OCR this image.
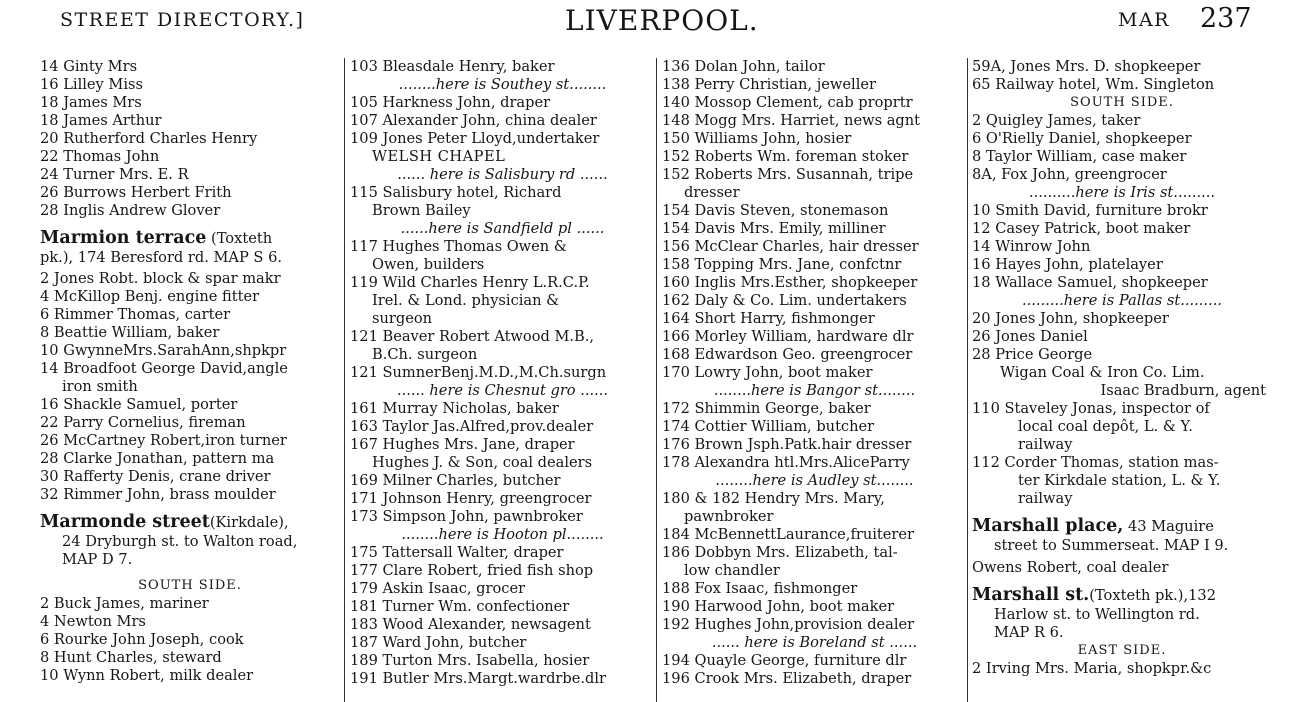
STREET DIRECTORY.]	LIVERPOOL.	MAR 237
14 Ginty Mrs
16 Lilley Miss
18 James Mrs
18 James Arthur
20 Rutherford Charles Henry
22 Thomas John
24 Turner Mrs. E. R
26 Burrows Herbert Frith
28 Inglis Andrew Glover
Marmion terrace (Toxteth
pk.), 174 Beresford rd. MAP S 6.
2 Jones Robt. block & spar makr
4 McKillop Benj. engine fitter
6 Rimmer Thomas, carter
8 Beattie William, baker
10 GwynneMrs.SarahAnn,shpkpr
14 Broadfoot George David,angle
iron smith
16 Shackle Samuel, porter
22 Parry Cornelius, fireman
26 McCartney Robert,iron turner
28 Clarke Jonathan, pattern ma
30 Rafferty Denis, crane driver
32 Rimmer John, brass moulder
Marmonde street(Kirkdale),
24 Dryburgh st. to Walton road,
MAP D 7.
SOUTH SIDE.
2 Buck James, mariner
4 Newton Mrs
6 Rourke John Joseph, cook
8 Hunt Charles, steward
10 Wynn Robert, milk dealer
103 Bleasdale Henry, baker
........here is Southey st........
105 Harkness John, draper
107 Alexander John, china dealer
109 Jones Peter Lloyd,undertaker
WELSH CHAPEL
...... here is Salisbury rd ......
115 Salisbury hotel, Richard
Brown Bailey
......here is Sandfield pl ......
117 Hughes Thomas Owen &
Owen, builders
119 Wild Charles Henry L.R.C.P.
Irel. & Lond. physician &
surgeon
121 Beaver Robert Atwood M.B.,
B.Ch. surgeon
121 SumnerBenj.M.D.,M.Ch.surgn
...... here is Chesnut gro ......
161 Murray Nicholas, baker
163 Taylor Jas.Alfred,prov.dealer
167 Hughes Mrs. Jane, draper
Hughes J. & Son, coal dealers
169 Milner Charles, butcher
171 Johnson Henry, greengrocer
173 Simpson John, pawnbroker
........here is Hooton pl........
175 Tattersall Walter, draper
177 Clare Robert, fried fish shop
179 Askin Isaac, grocer
181 Turner Wm. confectioner
183 Wood Alexander, newsagent
187 Ward John, butcher
189 Turton Mrs. Isabella, hosier
191 Butler Mrs.Margt.wardrbe.dlr
136 Dolan John, tailor
138 Perry Christian, jeweller
140 Mossop Clement, cab proprtr
148 Mogg Mrs. Harriet, news agnt
150 Williams John, hosier
152 Roberts Wm. foreman stoker
152 Roberts Mrs. Susannah, tripe
dresser
154 Davis Steven, stonemason
154 Davis Mrs. Emily, milliner
156 McClear Charles, hair dresser
158 Topping Mrs. Jane, confctnr
160 Inglis Mrs.Esther, shopkeeper
162 Daly & Co. Lim. undertakers
164 Short Harry, fishmonger
166 Morley William, hardware dlr
168 Edwardson Geo. greengrocer
170 Lowry John, boot maker
........here is Bangor st........
172 Shimmin George, baker
174 Cottier William, butcher
176 Brown Jsph.Patk.hair dresser
178 Alexandra htl.Mrs.AliceParry
........here is Audley st........
180 & 182 Hendry Mrs. Mary,
pawnbroker
184 McBennettLaurance,fruiterer
186 Dobbyn Mrs. Elizabeth, tal-
low chandler
188 Fox Isaac, fishmonger
190 Harwood John, boot maker
192 Hughes John,provision dealer
...... here is Boreland st ......
194 Quayle George, furniture dlr
196 Crook Mrs. Elizabeth, draper
59A, Jones Mrs. D. shopkeeper
65 Railway hotel, Wm. Singleton
SOUTH SIDE.
2 Quigley James, taker
6 O'Rielly Daniel, shopkeeper
8 Taylor William, case maker
8A, Fox John, greengrocer
..........here is Iris st.........
10 Smith David, furniture brokr
12 Casey Patrick, boot maker
14 Winrow John
16 Hayes John, platelayer
18 Wallace Samuel, shopkeeper
.........here is Pallas st.........
20 Jones John, shopkeeper
26 Jones Daniel
28 Price George
Wigan Coal & Iron Co. Lim.
Isaac Bradburn, agent
110 Staveley Jonas, inspector of
local coal depôt, L. & Y.
railway
112 Corder Thomas, station mas-
ter Kirkdale station, L. & Y.
railway
Marshall place, 43 Maguire
street to Summerseat. MAP I 9.
Owens Robert, coal dealer
Marshall st.(Toxteth pk.),132
Harlow st. to Wellington rd.
MAP R 6.
EAST SIDE.
2 Irving Mrs. Maria, shopkpr.&c
